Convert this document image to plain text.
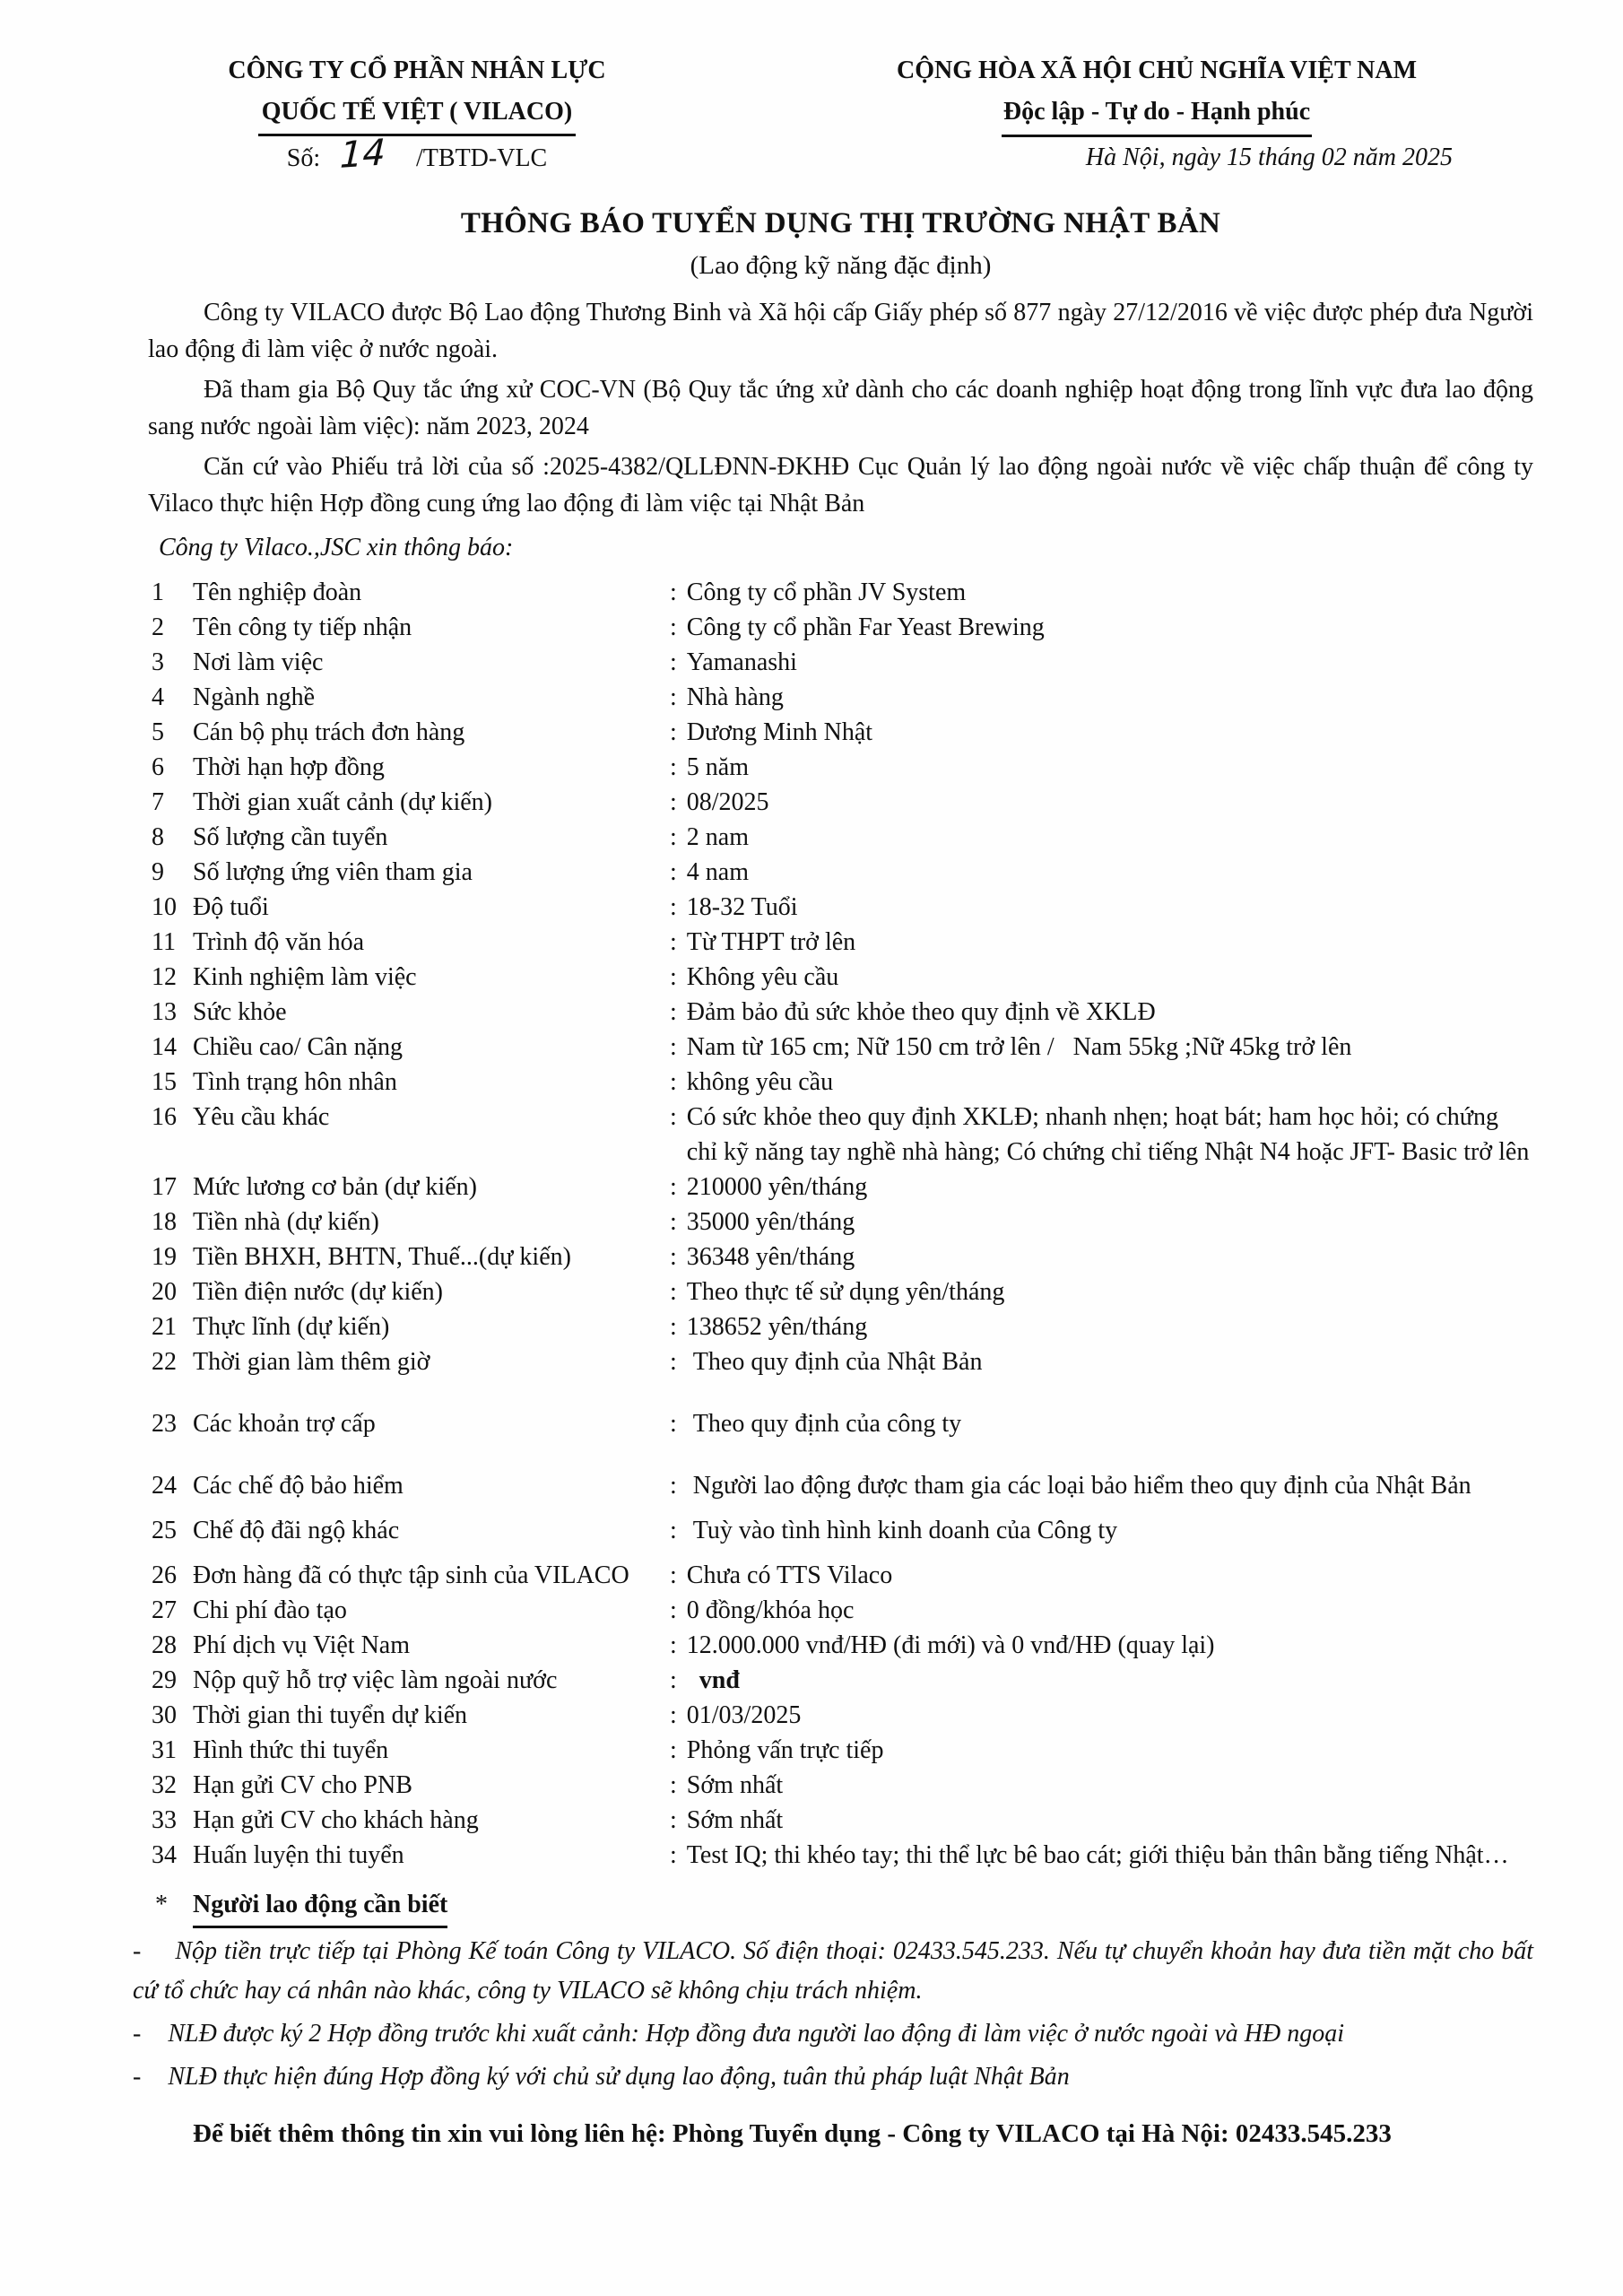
CÔNG TY CỔ PHẦN NHÂN LỰC
QUỐC TẾ VIỆT ( VILACO)
Số: 14 /TBTD-VLC
CỘNG HÒA XÃ HỘI CHỦ NGHĨA VIỆT NAM
Độc lập - Tự do - Hạnh phúc
Hà Nội, ngày 15 tháng 02 năm 2025
THÔNG BÁO TUYỂN DỤNG THỊ TRƯỜNG NHẬT BẢN
(Lao động kỹ năng đặc định)

Công ty VILACO được Bộ Lao động Thương Binh và Xã hội cấp Giấy phép số 877 ngày 27/12/2016 về việc được phép đưa Người lao động đi làm việc ở nước ngoài.

Đã tham gia Bộ Quy tắc ứng xử COC-VN (Bộ Quy tắc ứng xử dành cho các doanh nghiệp hoạt động trong lĩnh vực đưa lao động sang nước ngoài làm việc): năm 2023, 2024

Căn cứ vào Phiếu trả lời của số :2025-4382/QLLĐNN-ĐKHĐ Cục Quản lý lao động ngoài nước về việc chấp thuận để công ty Vilaco thực hiện Hợp đồng cung ứng lao động đi làm việc tại Nhật Bản

Công ty Vilaco.,JSC xin thông báo:

1	Tên nghiệp đoàn	: Công ty cổ phần JV System
2	Tên công ty tiếp nhận	: Công ty cổ phần Far Yeast Brewing
3	Nơi làm việc	: Yamanashi
4	Ngành nghề	: Nhà hàng
5	Cán bộ phụ trách đơn hàng	: Dương Minh Nhật
6	Thời hạn hợp đồng	: 5 năm
7	Thời gian xuất cảnh (dự kiến)	: 08/2025
8	Số lượng cần tuyển	: 2 nam
9	Số lượng ứng viên tham gia	: 4 nam
10 Độ tuổi	: 18-32 Tuổi
11 Trình độ văn hóa	: Từ THPT trở lên
12 Kinh nghiệm làm việc	: Không yêu cầu
13 Sức khỏe	: Đảm bảo đủ sức khỏe theo quy định về XKLĐ
14 Chiều cao/ Cân nặng	: Nam từ 165 cm; Nữ 150 cm trở lên /   Nam 55kg ;Nữ 45kg trở lên
15 Tình trạng hôn nhân	: không yêu cầu
16 Yêu cầu khác	: Có sức khỏe theo quy định XKLĐ; nhanh nhẹn; hoạt bát; ham học hỏi; có chứng chỉ kỹ năng tay nghề nhà hàng; Có chứng chỉ tiếng Nhật N4 hoặc JFT- Basic trở lên
17 Mức lương cơ bản (dự kiến)	: 210000 yên/tháng
18 Tiền nhà (dự kiến)	: 35000 yên/tháng
19 Tiền BHXH, BHTN, Thuế...(dự kiến)	: 36348 yên/tháng
20 Tiền điện nước (dự kiến)	: Theo thực tế sử dụng yên/tháng
21 Thực lĩnh (dự kiến)	: 138652 yên/tháng
22 Thời gian làm thêm giờ	: Theo quy định của Nhật Bản
23 Các khoản trợ cấp	: Theo quy định của công ty
24 Các chế độ bảo hiểm	: Người lao động được tham gia các loại bảo hiểm theo quy định của Nhật Bản
25 Chế độ đãi ngộ khác	: Tuỳ vào tình hình kinh doanh của Công ty
26 Đơn hàng đã có thực tập sinh của VILACO	: Chưa có TTS Vilaco
27 Chi phí đào tạo	: 0 đồng/khóa học
28 Phí dịch vụ Việt Nam	: 12.000.000 vnđ/HĐ (đi mới) và 0 vnđ/HĐ (quay lại)
29 Nộp quỹ hỗ trợ việc làm ngoài nước	: vnđ
30 Thời gian thi tuyển dự kiến	: 01/03/2025
31 Hình thức thi tuyển	: Phỏng vấn trực tiếp
32 Hạn gửi CV cho PNB	: Sớm nhất
33 Hạn gửi CV cho khách hàng	: Sớm nhất
34 Huấn luyện thi tuyển	: Test IQ; thi khéo tay; thi thể lực bê bao cát; giới thiệu bản thân bằng tiếng Nhật…
*	Người lao động cần biết

- Nộp tiền trực tiếp tại Phòng Kế toán Công ty VILACO. Số điện thoại: 02433.545.233. Nếu tự chuyển khoản hay đưa tiền mặt cho bất cứ tổ chức hay cá nhân nào khác, công ty VILACO sẽ không chịu trách nhiệm.

- NLĐ được ký 2 Hợp đồng trước khi xuất cảnh: Hợp đồng đưa người lao động đi làm việc ở nước ngoài và HĐ ngoại

- NLĐ thực hiện đúng Hợp đồng ký với chủ sử dụng lao động, tuân thủ pháp luật Nhật Bản

Để biết thêm thông tin xin vui lòng liên hệ: Phòng Tuyển dụng - Công ty VILACO tại Hà Nội: 02433.545.233
